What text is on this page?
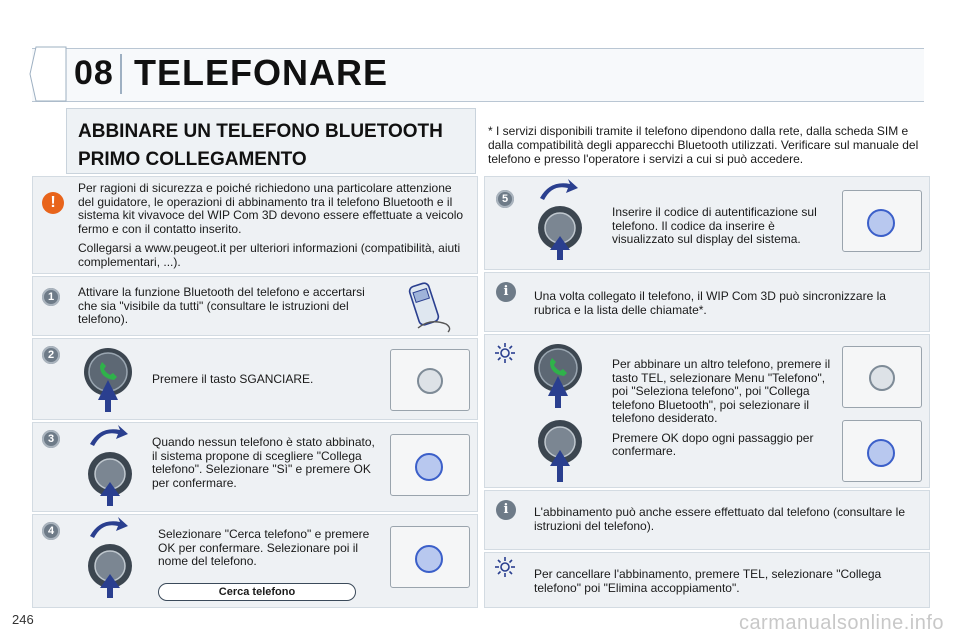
08 TELEFONARE
ABBINARE UN TELEFONO BLUETOOTH
PRIMO COLLEGAMENTO
* I servizi disponibili tramite il telefono dipendono dalla rete, dalla scheda SIM e dalla compatibilità degli apparecchi Bluetooth utilizzati. Verificare sul manuale del telefono e presso l'operatore i servizi a cui si può accedere.
!
Per ragioni di sicurezza e poiché richiedono una particolare attenzione del guidatore, le operazioni di abbinamento tra il telefono Bluetooth e il sistema kit vivavoce del WIP Com 3D devono essere effettuate a veicolo fermo e con il contatto inserito.
Collegarsi a www.peugeot.it per ulteriori informazioni (compatibilità, aiuti complementari, ...).
1	Attivare la funzione Bluetooth del telefono e accertarsi che sia "visibile da tutti" (consultare le istruzioni del telefono).
2
Premere il tasto SGANCIARE.
3	Quando nessun telefono è stato abbinato, il sistema propone di scegliere "Collega telefono". Selezionare "Sì" e premere OK per confermare.
4	Selezionare "Cerca telefono" e premere OK per confermare. Selezionare poi il nome del telefono.
Cerca telefono
5
Inserire il codice di autentificazione sul telefono. Il codice da inserire è visualizzato sul display del sistema.
i	Una volta collegato il telefono, il WIP Com 3D può sincronizzare la rubrica e la lista delle chiamate*.
Per abbinare un altro telefono, premere il tasto TEL, selezionare Menu "Telefono", poi "Seleziona telefono", poi "Collega telefono Bluetooth", poi selezionare il telefono desiderato.
Premere OK dopo ogni passaggio per confermare.
i	L'abbinamento può anche essere effettuato dal telefono (consultare le istruzioni del telefono).
Per cancellare l'abbinamento, premere TEL, selezionare "Collega telefono" poi "Elimina accoppiamento".
246	carmanualsonline.info
